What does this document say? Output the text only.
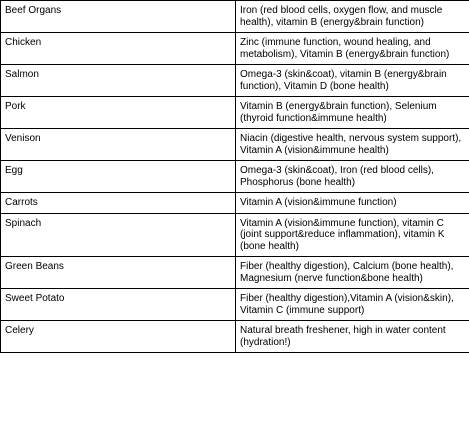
Beef Organs	Iron (red blood cells, oxygen flow, and muscle health), vitamin B (energy&brain function)
Chicken	Zinc (immune function, wound healing, and metabolism), Vitamin B (energy&brain function)
Salmon	Omega-3 (skin&coat), vitamin B (energy&brain function), Vitamin D (bone health)
Pork	Vitamin B (energy&brain function), Selenium (thyroid function&immune health)
Venison	Niacin (digestive health, nervous system support), Vitamin A (vision&immune health)
Egg	Omega-3 (skin&coat), Iron (red blood cells), Phosphorus (bone health)
Carrots	Vitamin A (vision&immune function)
Spinach	Vitamin A (vision&immune function), vitamin C (joint support&reduce inflammation), vitamin K (bone health)
Green Beans	Fiber (healthy digestion), Calcium (bone health), Magnesium (nerve function&bone health)
Sweet Potato	Fiber (healthy digestion),Vitamin A (vision&skin), Vitamin C (immune support)
Celery	Natural breath freshener, high in water content (hydration!)
